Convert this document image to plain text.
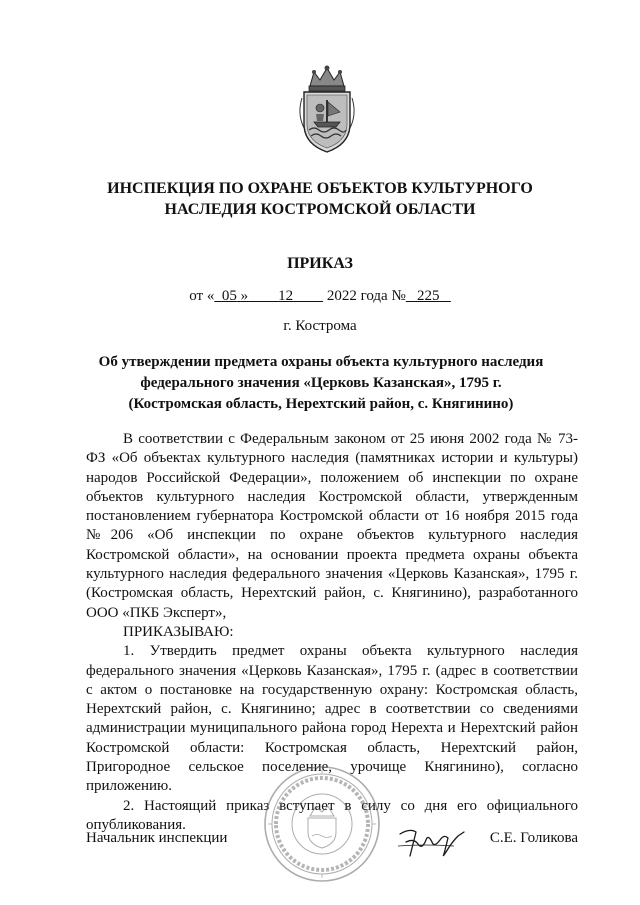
ИНСПЕКЦИЯ ПО ОХРАНЕ ОБЪЕКТОВ КУЛЬТУРНОГО
НАСЛЕДИЯ КОСТРОМСКОЙ ОБЛАСТИ
ПРИКАЗ
от « 05 » 12 2022 года № 225
г. Кострома
Об утверждении предмета охраны объекта культурного наследия
федерального значения «Церковь Казанская», 1795 г.
(Костромская область, Нерехтский район, с. Княгинино)

В соответствии с Федеральным законом от 25 июня 2002 года № 73-ФЗ «Об объектах культурного наследия (памятниках истории и культуры) народов Российской Федерации», положением об инспекции по охране объектов культурного наследия Костромской области, утвержденным постановлением губернатора Костромской области от 16 ноября 2015 года №206 «Об инспекции по охране объектов культурного наследия Костромской области», на основании проекта предмета охраны объекта культурного наследия федерального значения «Церковь Казанская», 1795 г. (Костромская область, Нерехтский район, с. Княгинино), разработанного ООО «ПКБ Эксперт»,

ПРИКАЗЫВАЮ:

1. Утвердить предмет охраны объекта культурного наследия федерального значения «Церковь Казанская», 1795 г. (адрес в соответствии с актом о постановке на государственную охрану: Костромская область, Нерехтский район, с. Княгинино; адрес в соответствии со сведениями администрации муниципального района город Нерехта и Нерехтский район Костромской области: Костромская область, Нерехтский район, Пригородное сельское поселение, урочище Княгинино), согласно приложению.

2. Настоящий приказ вступает в силу со дня его официального опубликования.

Начальник инспекции	С.Е. Голикова
